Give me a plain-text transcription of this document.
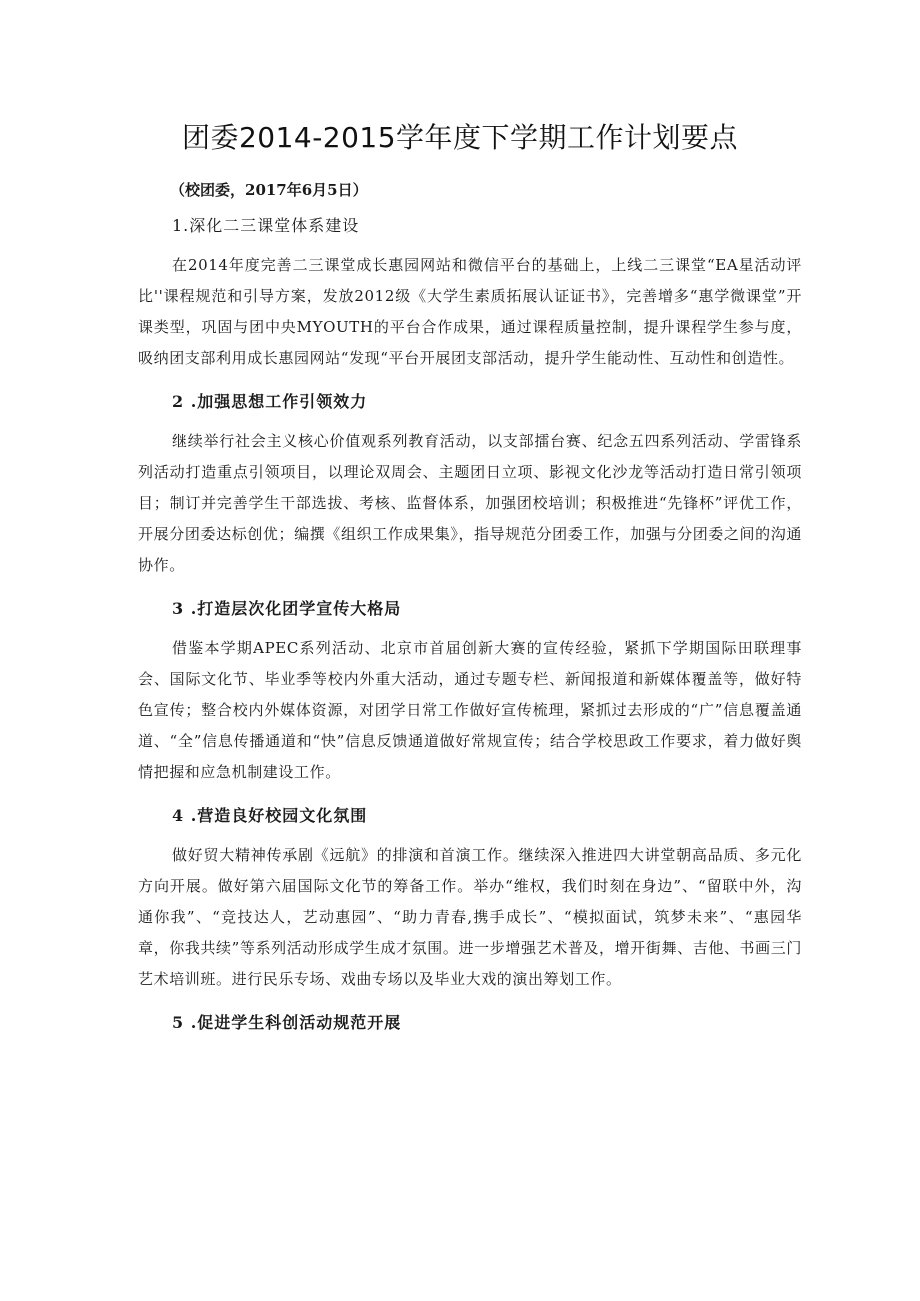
团委2014-2015学年度下学期工作计划要点

（校团委，2017年6月5日）

1.深化二三课堂体系建设

在2014年度完善二三课堂成长惠园网站和微信平台的基础上，上线二三课堂“EA星活动评比''课程规范和引导方案，发放2012级《大学生素质拓展认证证书》，完善增多“惠学微课堂”开课类型，巩固与团中央MYOUTH的平台合作成果，通过课程质量控制，提升课程学生参与度，吸纳团支部利用成长惠园网站“发现“平台开展团支部活动，提升学生能动性、互动性和创造性。

2 .加强思想工作引领效力

继续举行社会主义核心价值观系列教育活动，以支部擂台赛、纪念五四系列活动、学雷锋系列活动打造重点引领项目，以理论双周会、主题团日立项、影视文化沙龙等活动打造日常引领项目；制订并完善学生干部选拔、考核、监督体系，加强团校培训；积极推进“先锋杯”评优工作，开展分团委达标创优；编撰《组织工作成果集》，指导规范分团委工作，加强与分团委之间的沟通协作。

3 .打造层次化团学宣传大格局

借鉴本学期APEC系列活动、北京市首届创新大赛的宣传经验，紧抓下学期国际田联理事会、国际文化节、毕业季等校内外重大活动，通过专题专栏、新闻报道和新媒体覆盖等，做好特色宣传；整合校内外媒体资源，对团学日常工作做好宣传梳理，紧抓过去形成的“广”信息覆盖通道、“全”信息传播通道和“快”信息反馈通道做好常规宣传；结合学校思政工作要求，着力做好舆情把握和应急机制建设工作。

4 .营造良好校园文化氛围

做好贸大精神传承剧《远航》的排演和首演工作。继续深入推进四大讲堂朝高品质、多元化方向开展。做好第六届国际文化节的筹备工作。举办“维权，我们时刻在身边”、“留联中外，沟通你我”、“竞技达人，艺动惠园”、“助力青春,携手成长”、“模拟面试，筑梦未来”、“惠园华章，你我共续”等系列活动形成学生成才氛围。进一步增强艺术普及，增开街舞、吉他、书画三门艺术培训班。进行民乐专场、戏曲专场以及毕业大戏的演出筹划工作。

5 .促进学生科创活动规范开展
